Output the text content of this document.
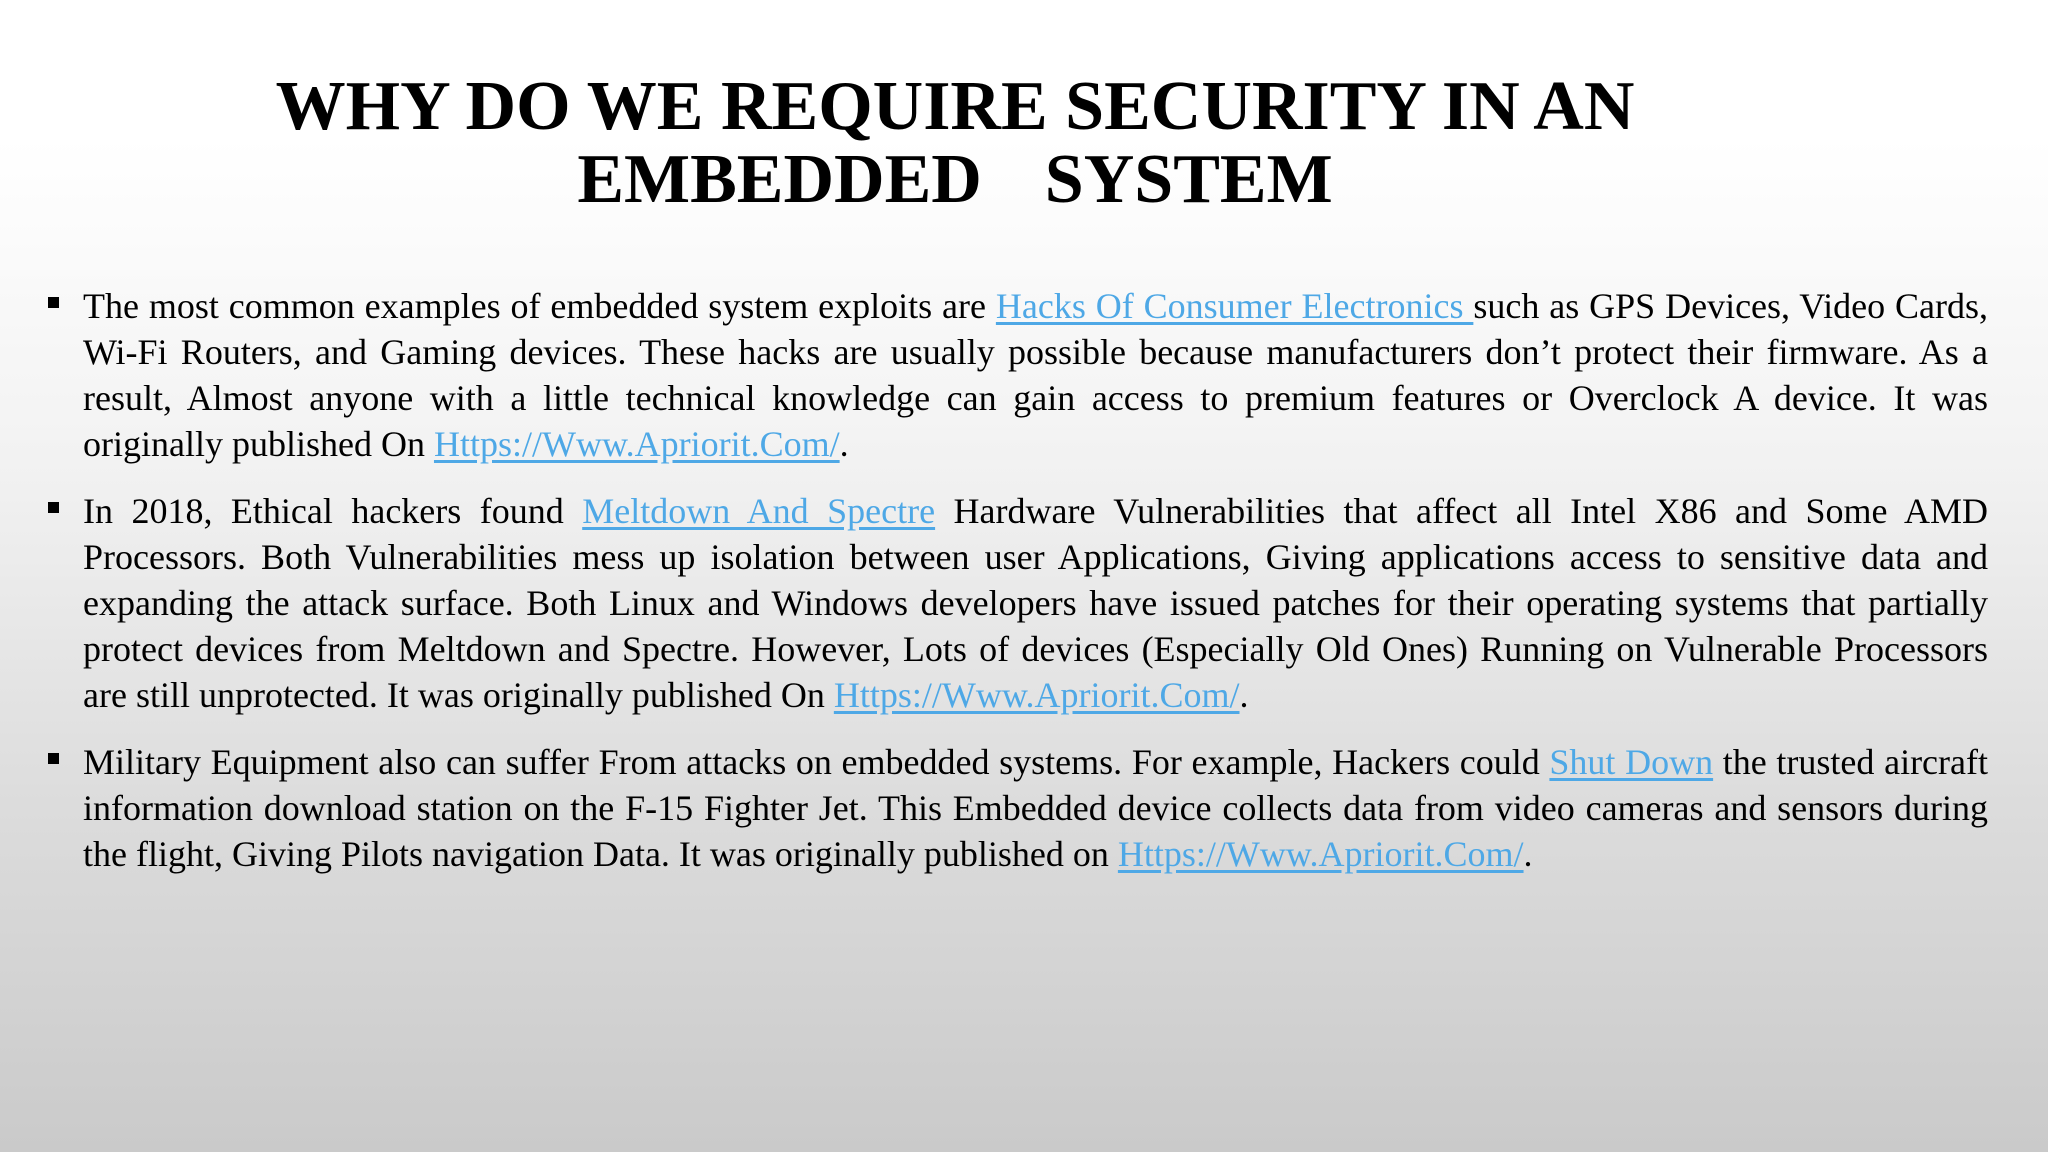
WHY DO WE REQUIRE SECURITY IN AN
EMBEDDED  SYSTEM
The most common examples of embedded system exploits are Hacks Of Consumer Electronics such as GPS Devices, Video Cards, Wi-Fi Routers, and Gaming devices. These hacks are usually possible because manufacturers don’t protect their firmware. As a result, Almost anyone with a little technical knowledge can gain access to premium features or Overclock A device. It was originally published On Https://Www.Apriorit.Com/.
In 2018, Ethical hackers found Meltdown And Spectre Hardware Vulnerabilities that affect all Intel X86 and Some AMD Processors. Both Vulnerabilities mess up isolation between user Applications, Giving applications access to sensitive data and expanding the attack surface. Both Linux and Windows developers have issued patches for their operating systems that partially protect devices from Meltdown and Spectre. However, Lots of devices (Especially Old Ones) Running on Vulnerable Processors are still unprotected. It was originally published On Https://Www.Apriorit.Com/.
Military Equipment also can suffer From attacks on embedded systems. For example, Hackers could Shut Down the trusted aircraft information download station on the F-15 Fighter Jet. This Embedded device collects data from video cameras and sensors during the flight, Giving Pilots navigation Data. It was originally published on Https://Www.Apriorit.Com/.
